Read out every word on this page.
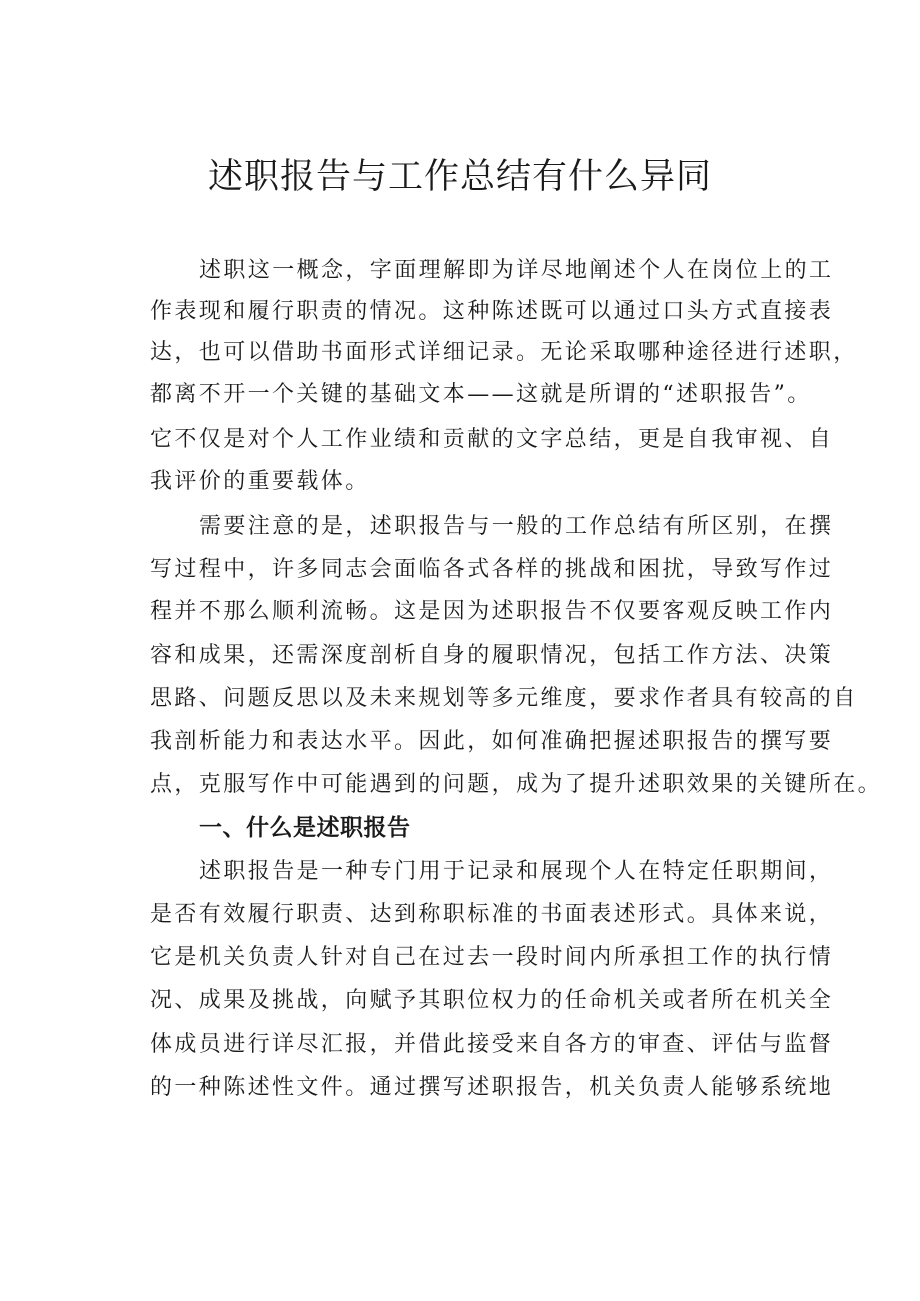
述职报告与工作总结有什么异同
述职这一概念，字面理解即为详尽地阐述个人在岗位上的工
作表现和履行职责的情况。这种陈述既可以通过口头方式直接表
达，也可以借助书面形式详细记录。无论采取哪种途径进行述职，
都离不开一个关键的基础文本——这就是所谓的“述职报告”。
它不仅是对个人工作业绩和贡献的文字总结，更是自我审视、自
我评价的重要载体。
需要注意的是，述职报告与一般的工作总结有所区别，在撰
写过程中，许多同志会面临各式各样的挑战和困扰，导致写作过
程并不那么顺利流畅。这是因为述职报告不仅要客观反映工作内
容和成果，还需深度剖析自身的履职情况，包括工作方法、决策
思路、问题反思以及未来规划等多元维度，要求作者具有较高的自
我剖析能力和表达水平。因此，如何准确把握述职报告的撰写要
点，克服写作中可能遇到的问题，成为了提升述职效果的关键所在。
一、什么是述职报告
述职报告是一种专门用于记录和展现个人在特定任职期间，
是否有效履行职责、达到称职标准的书面表述形式。具体来说，
它是机关负责人针对自己在过去一段时间内所承担工作的执行情
况、成果及挑战，向赋予其职位权力的任命机关或者所在机关全
体成员进行详尽汇报，并借此接受来自各方的审查、评估与监督
的一种陈述性文件。通过撰写述职报告，机关负责人能够系统地
